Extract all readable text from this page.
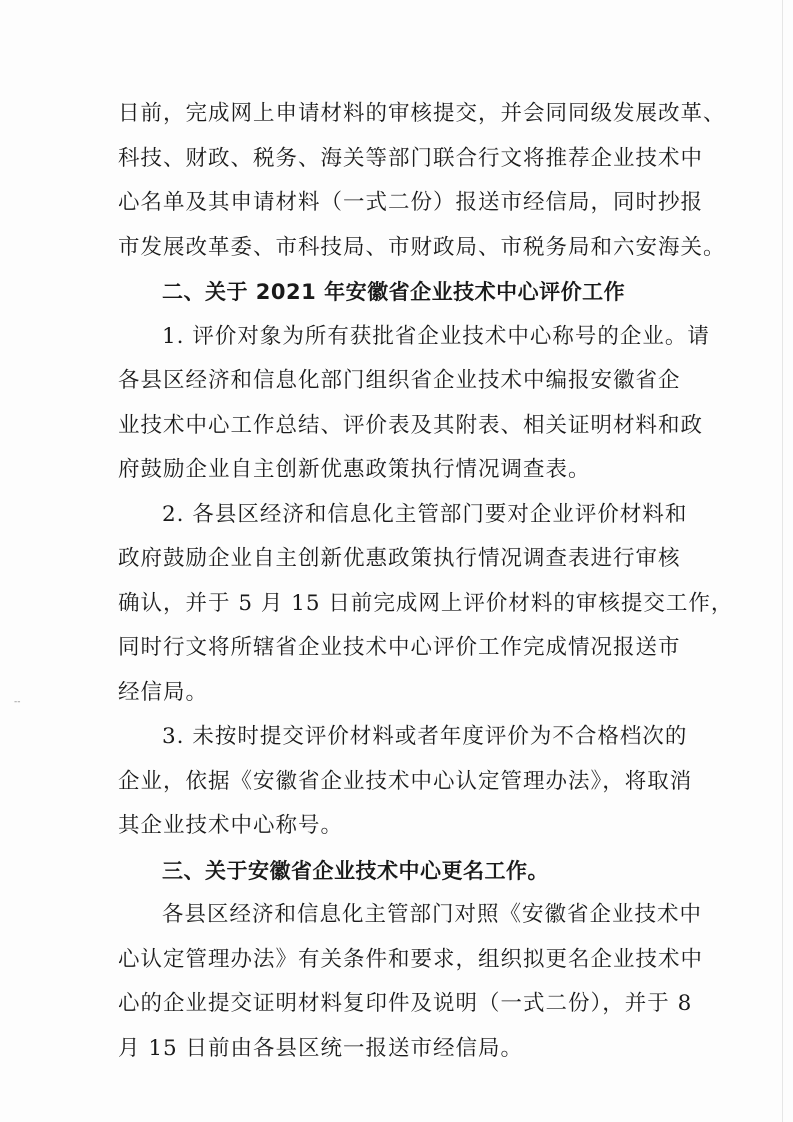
--
日前，完成网上申请材料的审核提交，并会同同级发展改革、
科技、财政、税务、海关等部门联合行文将推荐企业技术中
心名单及其申请材料（一式二份）报送市经信局，同时抄报
市发展改革委、市科技局、市财政局、市税务局和六安海关。
二、关于 2021 年安徽省企业技术中心评价工作
1. 评价对象为所有获批省企业技术中心称号的企业。请
各县区经济和信息化部门组织省企业技术中编报安徽省企
业技术中心工作总结、评价表及其附表、相关证明材料和政
府鼓励企业自主创新优惠政策执行情况调查表。
2. 各县区经济和信息化主管部门要对企业评价材料和
政府鼓励企业自主创新优惠政策执行情况调查表进行审核
确认，并于 5 月 15 日前完成网上评价材料的审核提交工作，
同时行文将所辖省企业技术中心评价工作完成情况报送市
经信局。
3. 未按时提交评价材料或者年度评价为不合格档次的
企业，依据《安徽省企业技术中心认定管理办法》，将取消
其企业技术中心称号。
三、关于安徽省企业技术中心更名工作。
各县区经济和信息化主管部门对照《安徽省企业技术中
心认定管理办法》有关条件和要求，组织拟更名企业技术中
心的企业提交证明材料复印件及说明（一式二份），并于 8
月 15 日前由各县区统一报送市经信局。
